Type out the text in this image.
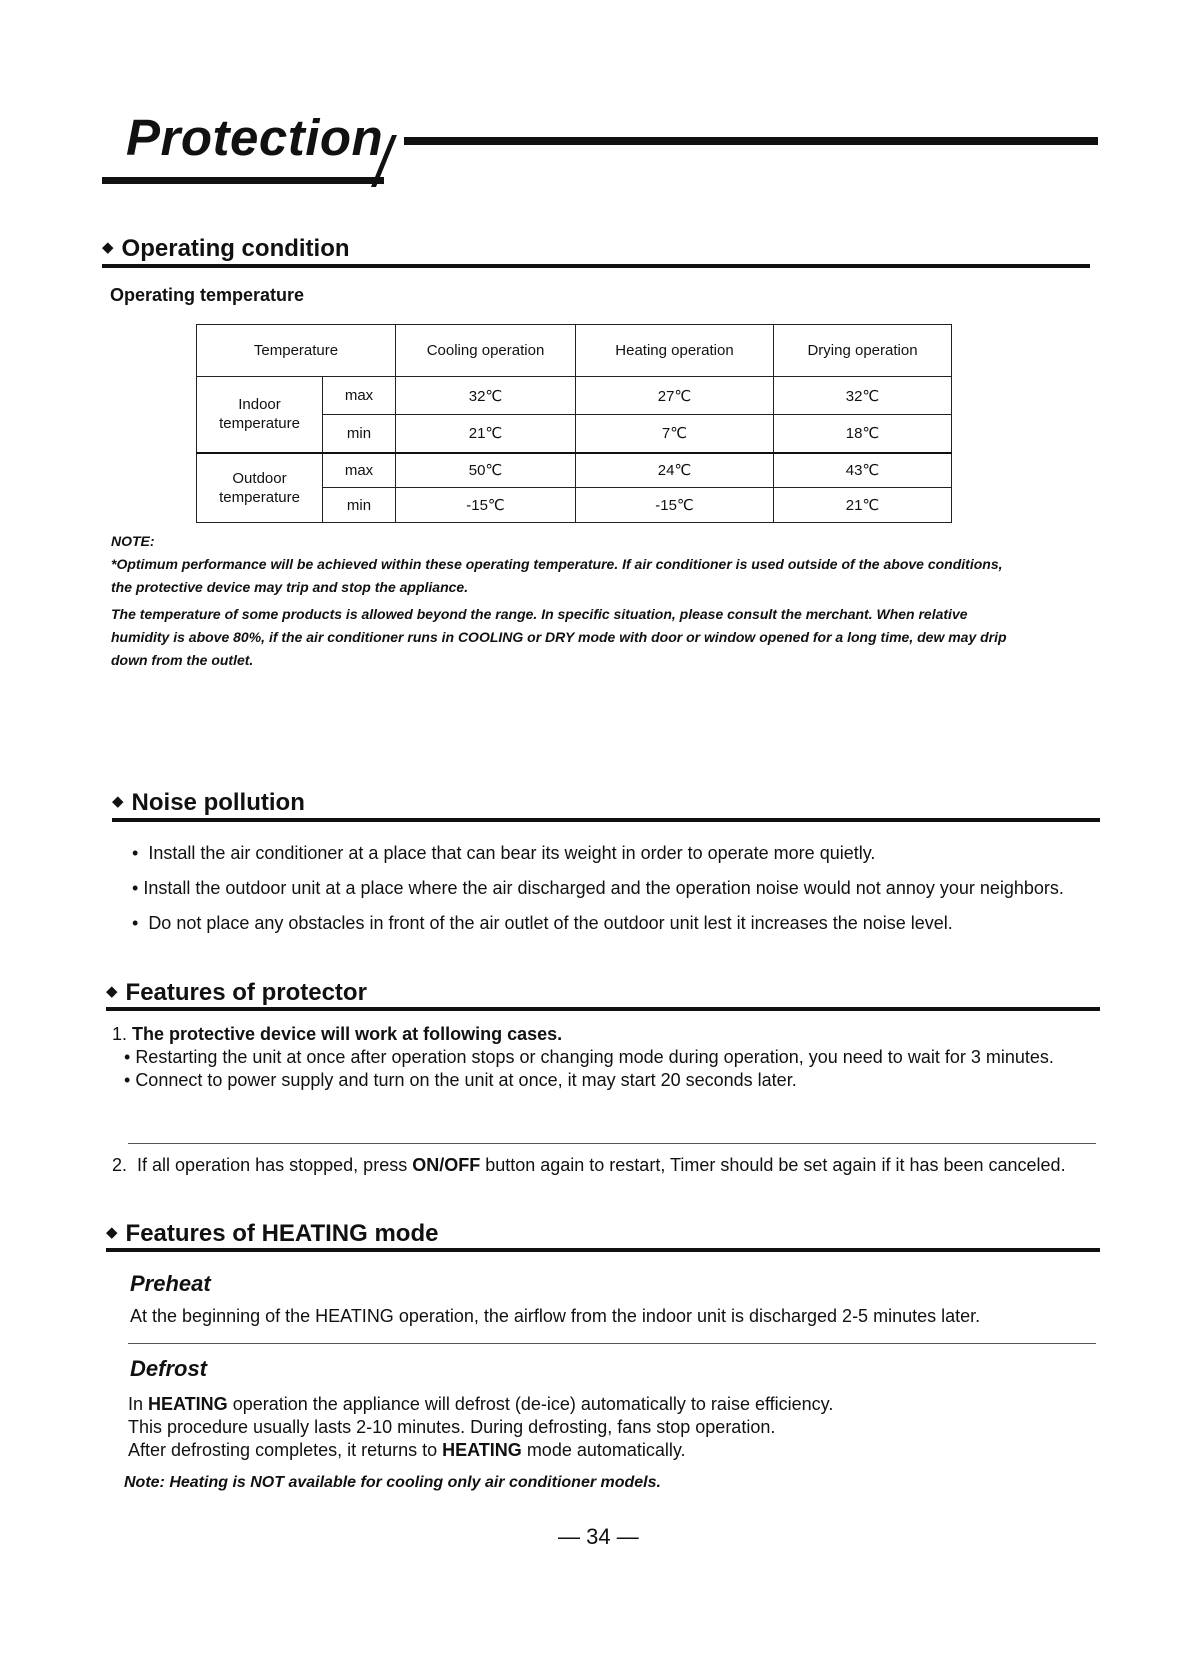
Protection
◆ Operating condition
Operating temperature
Temperature		Cooling operation	Heating operation	Drying operation
Indoor temperature	max	32℃	27℃	32℃
	min	21℃	7℃	18℃
Outdoor temperature	max	50℃	24℃	43℃
	min	-15℃	-15℃	21℃
NOTE:
*Optimum performance will be achieved within these operating temperature. If air conditioner is used outside of the above conditions, the protective device may trip and stop the appliance.
The temperature of some products is allowed beyond the range. In specific situation, please consult the merchant. When relative humidity is above 80%, if the air conditioner runs in COOLING or DRY mode with door or window opened for a long time, dew may drip down from the outlet.
◆ Noise pollution
•  Install the air conditioner at a place that can bear its weight in order to operate more quietly.
• Install the outdoor unit at a place where the air discharged and the operation noise would not annoy your neighbors.
•  Do not place any obstacles in front of the air outlet of the outdoor unit lest it increases the noise level.
◆ Features of protector
1. The protective device will work at following cases.
• Restarting the unit at once after operation stops or changing mode during operation, you need to wait for 3 minutes.
• Connect to power supply and turn on the unit at once, it may start 20 seconds later.
2. If all operation has stopped, press ON/OFF button again to restart, Timer should be set again if it has been canceled.
◆ Features of HEATING mode
Preheat
At the beginning of the HEATING operation, the airflow from the indoor unit is discharged 2-5 minutes later.
Defrost
In HEATING operation the appliance will defrost (de-ice) automatically to raise efficiency.
This procedure usually lasts 2-10 minutes. During defrosting, fans stop operation.
After defrosting completes, it returns to HEATING mode automatically.
Note: Heating is NOT available for cooling only air conditioner models.
— 34 —
